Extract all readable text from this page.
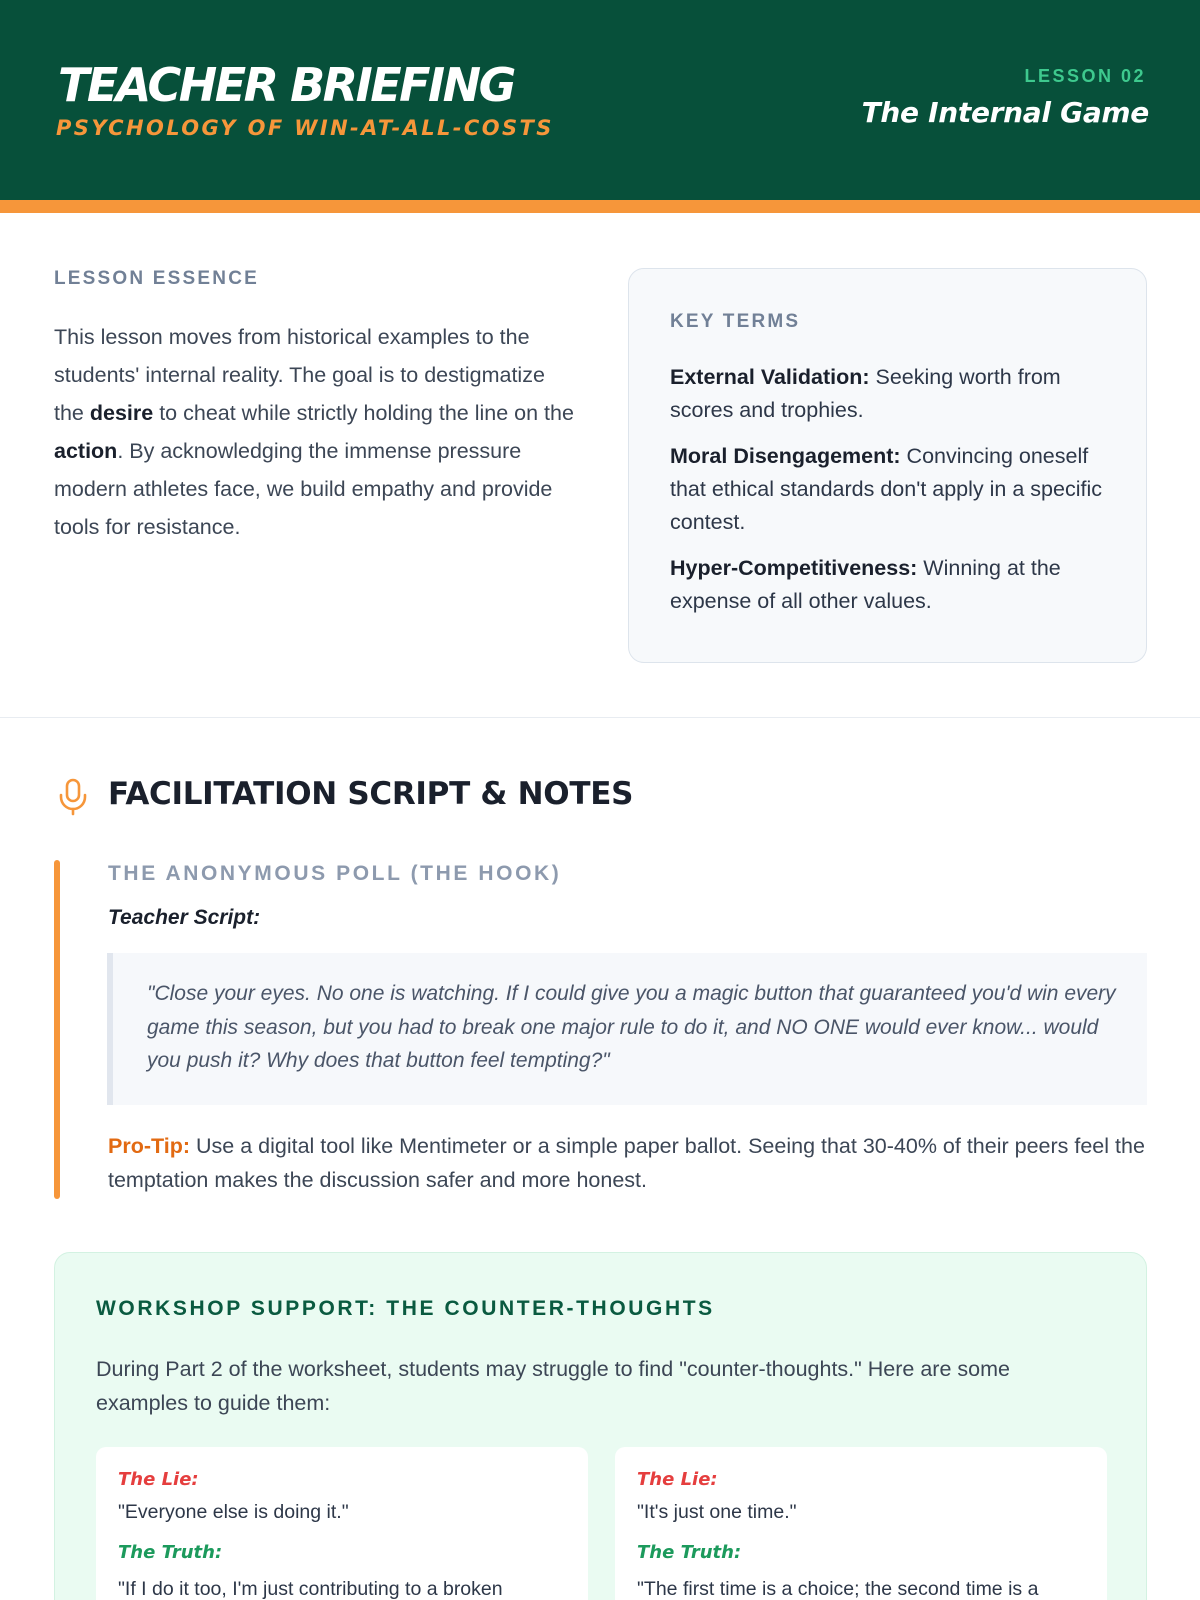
TEACHER BRIEFING
PSYCHOLOGY OF WIN-AT-ALL-COSTS
LESSON 02
The Internal Game
LESSON ESSENCE

This lesson moves from historical examples to the students' internal reality. The goal is to destigmatize the desire to cheat while strictly holding the line on the action. By acknowledging the immense pressure modern athletes face, we build empathy and provide tools for resistance.

KEY TERMS

External Validation: Seeking worth from scores and trophies.

Moral Disengagement: Convincing oneself that ethical standards don't apply in a specific contest.

Hyper-Competitiveness: Winning at the expense of all other values.

FACILITATION SCRIPT & NOTES
THE ANONYMOUS POLL (THE HOOK)
Teacher Script:

"Close your eyes. No one is watching. If I could give you a magic button that guaranteed you'd win every game this season, but you had to break one major rule to do it, and NO ONE would ever know... would you push it? Why does that button feel tempting?"

Pro-Tip: Use a digital tool like Mentimeter or a simple paper ballot. Seeing that 30-40% of their peers feel the temptation makes the discussion safer and more honest.

WORKSHOP SUPPORT: THE COUNTER-THOUGHTS

During Part 2 of the worksheet, students may struggle to find "counter-thoughts." Here are some examples to guide them:

The Lie:
"Everyone else is doing it."
The Truth:
"If I do it too, I'm just contributing to a broken
The Lie:
"It's just one time."
The Truth:
"The first time is a choice; the second time is a
